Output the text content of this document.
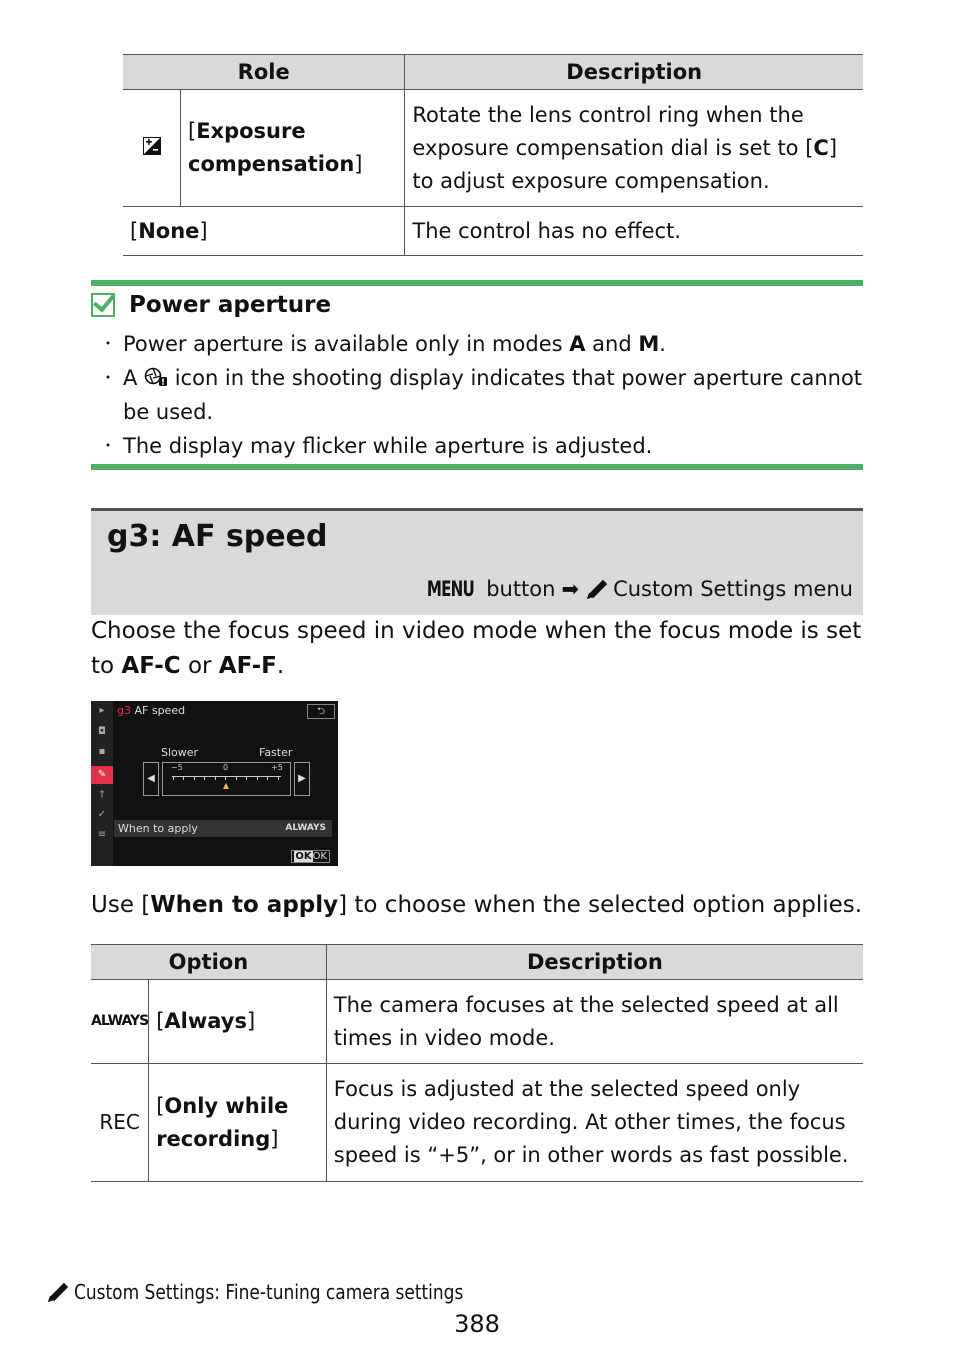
Role		Description
	[Exposure compensation]	Rotate the lens control ring when the exposure compensation dial is set to [C] to adjust exposure compensation.
[None]		The control has no effect.
Power aperture
・ Power aperture is available only in modes A and M.
・ A  icon in the shooting display indicates that power aperture cannot be used.
・ The display may flicker while aperture is adjusted.
g3: AF speed
MENU button ➡ Custom Settings menu
Choose the focus speed in video mode when the focus mode is set to AF-C or AF-F.
▸
◘
▪
✎
†
✓
≡
g3 AF speed	⮌
Slower	Faster
◀
−5	0	+5
▶
When to apply	ALWAYS
OKOK
Use [When to apply] to choose when the selected option applies.
Option		Description
ALWAYS	[Always]	The camera focuses at the selected speed at all times in video mode.
REC	[Only while recording]	Focus is adjusted at the selected speed only during video recording. At other times, the focus speed is “+5”, or in other words as fast possible.
Custom Settings: Fine-tuning camera settings
388
